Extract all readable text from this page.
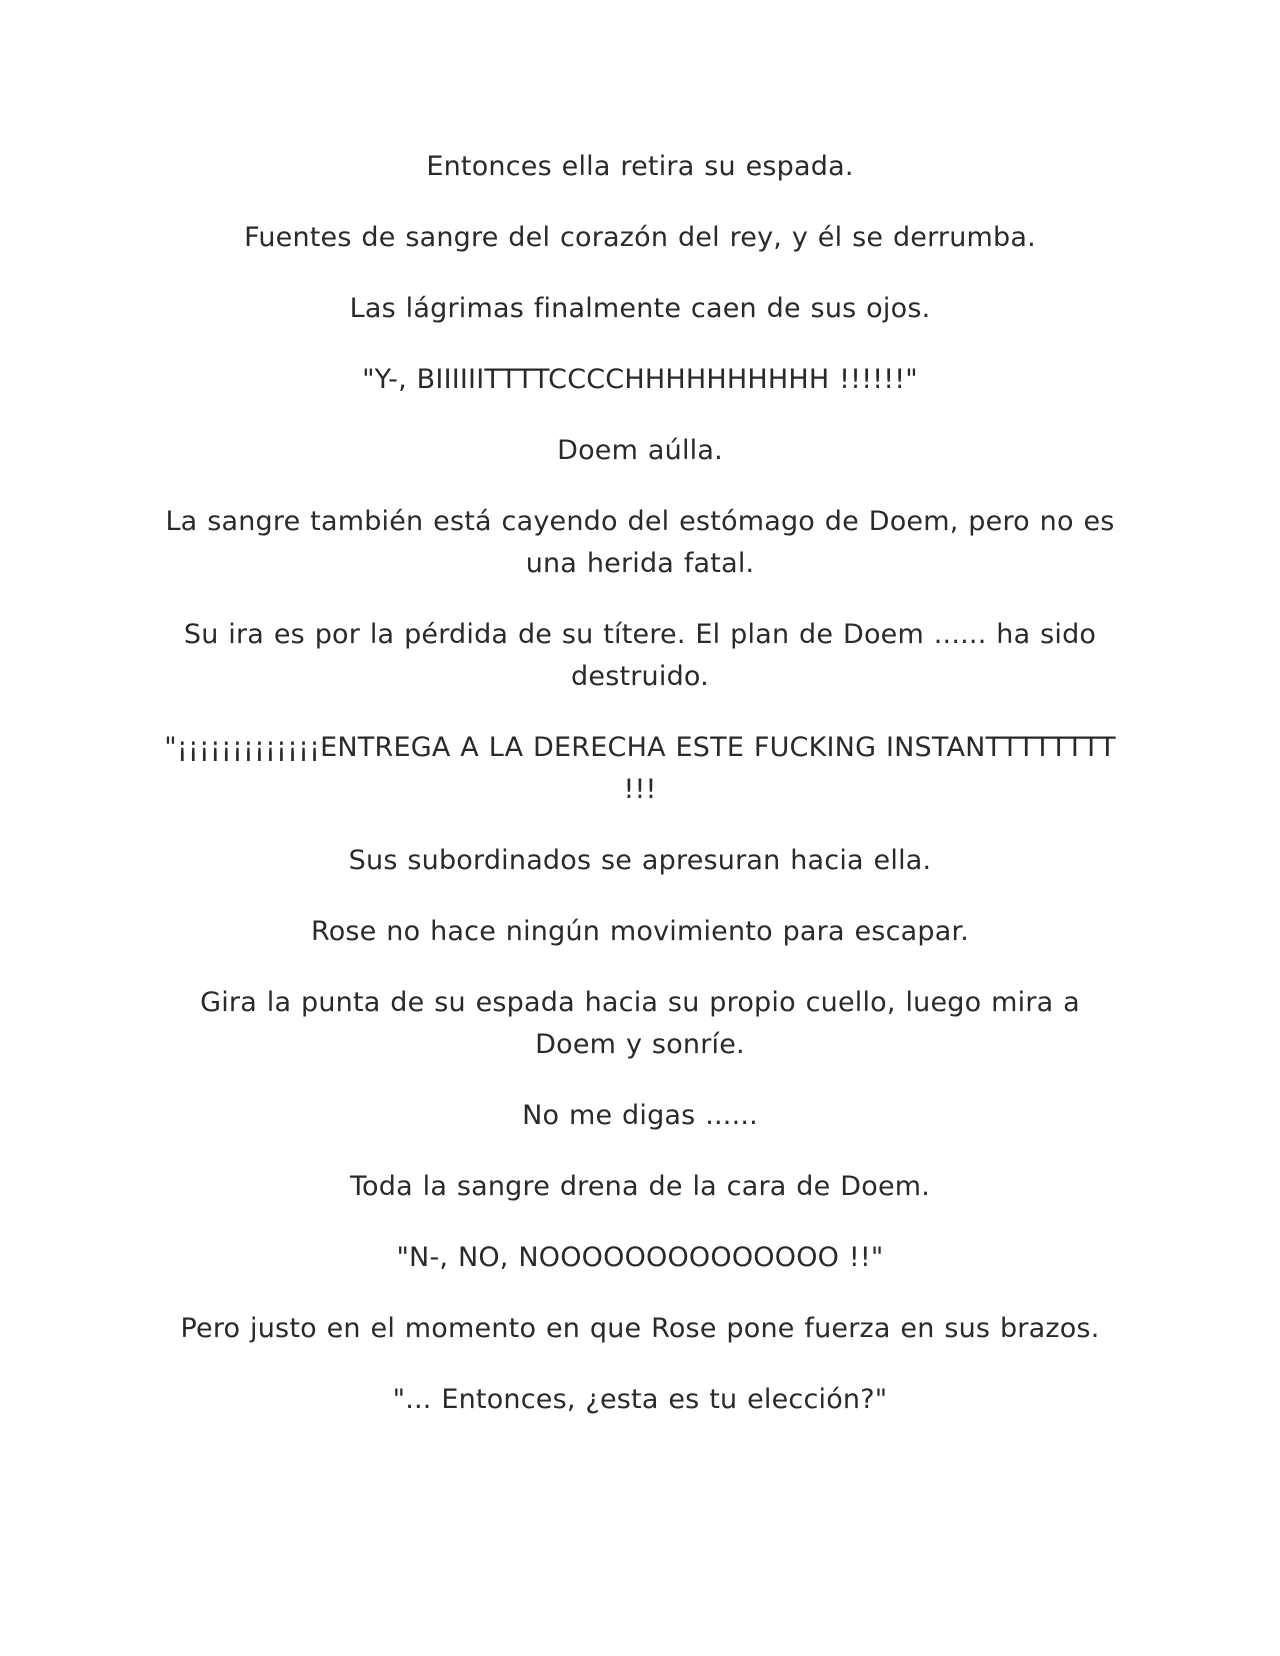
Entonces ella retira su espada.

Fuentes de sangre del corazón del rey, y él se derrumba.

Las lágrimas finalmente caen de sus ojos.

"Y-, BIIIIIITTTTCCCCHHHHHHHHHH !!!!!!"

Doem aúlla.

La sangre también está cayendo del estómago de Doem, pero no es una herida fatal.

Su ira es por la pérdida de su títere. El plan de Doem ...... ha sido destruido.

"¡¡¡¡¡¡¡¡¡¡¡¡¡ENTREGA A LA DERECHA ESTE FUCKING INSTANTTTTTTTT !!!

Sus subordinados se apresuran hacia ella.

Rose no hace ningún movimiento para escapar.

Gira la punta de su espada hacia su propio cuello, luego mira a Doem y sonríe.

No me digas ......

Toda la sangre drena de la cara de Doem.

"N-, NO, NOOOOOOOOOOOOOO !!"

Pero justo en el momento en que Rose pone fuerza en sus brazos.

"... Entonces, ¿esta es tu elección?"
